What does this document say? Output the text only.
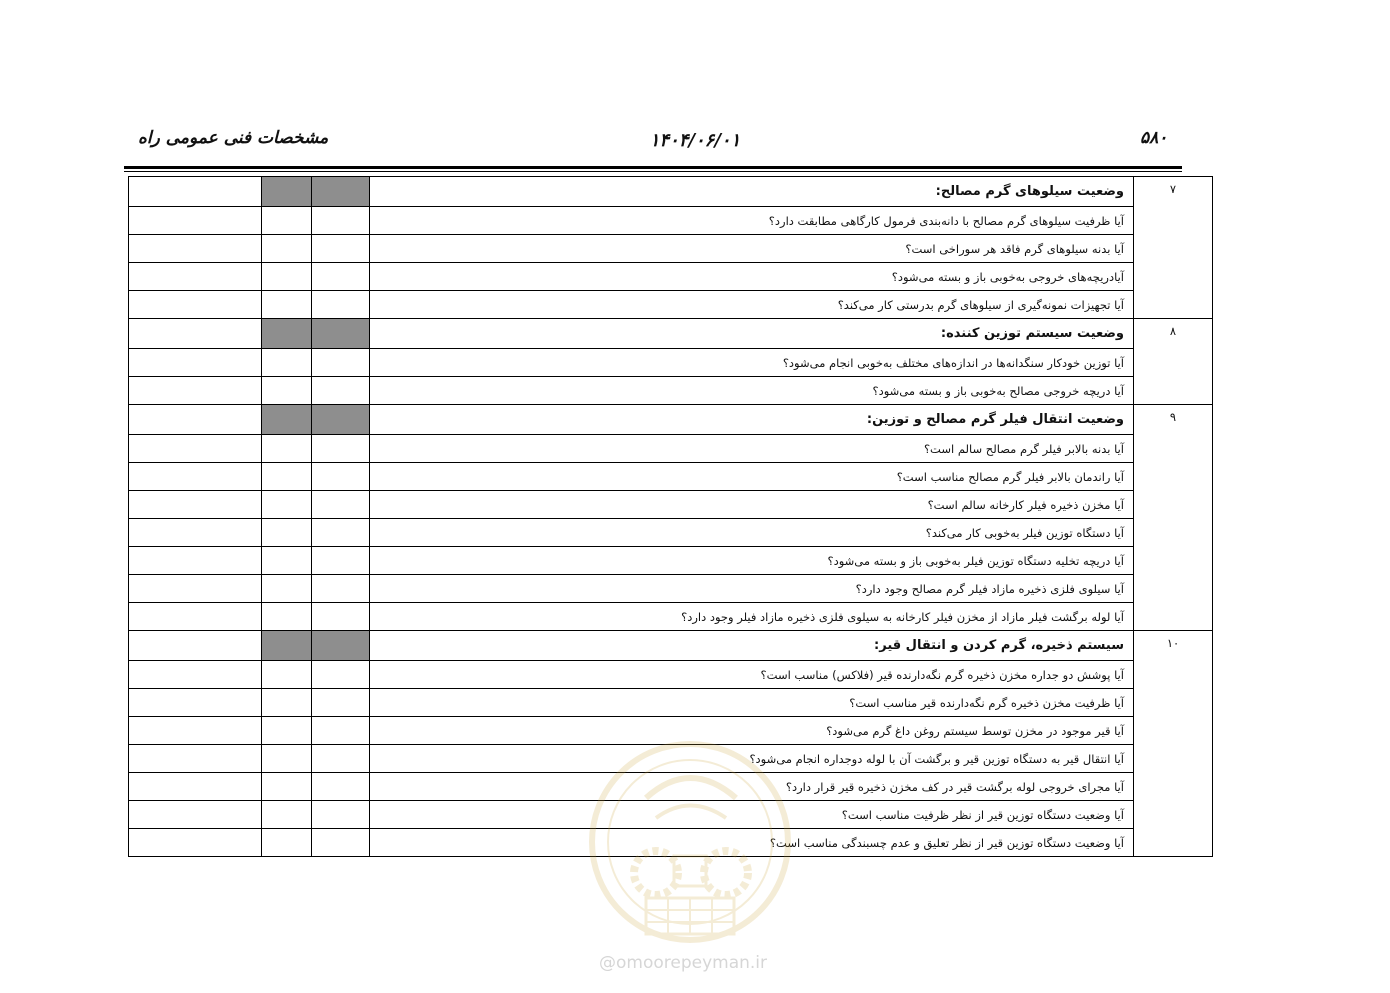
مشخصات فنی عمومی راه	۱۴۰۴/۰۶/۰۱	۵۸۰
۷	وضعیت سیلوهای گرم مصالح:			
	آیا ظرفیت سیلوهای گرم مصالح با دانه‌بندی فرمول کارگاهی مطابقت دارد؟			
	آیا بدنه سیلوهای گرم فاقد هر سوراخی است؟			
	آیادریچه‌های خروجی به‌خوبی باز و بسته می‌شود؟			
	آیا تجهیزات نمونه‌گیری از سیلوهای گرم بدرستی کار می‌کند؟			
۸	وضعیت سیستم توزین کننده:			
	آیا توزین خودکار سنگدانه‌ها در اندازه‌های مختلف به‌خوبی انجام می‌شود؟			
	آیا دریچه خروجی مصالح به‌خوبی باز و بسته می‌شود؟			
۹	وضعیت انتقال فیلر گرم مصالح و توزین:			
	آیا بدنه بالابر فیلر گرم مصالح سالم است؟			
	آیا راندمان بالابر فیلر گرم مصالح مناسب است؟			
	آیا مخزن ذخیره فیلر کارخانه سالم است؟			
	آیا دستگاه توزین فیلر به‌خوبی کار می‌کند؟			
	آیا دریچه تخلیه دستگاه توزین فیلر به‌خوبی باز و بسته می‌شود؟			
	آیا سیلوی فلزی ذخیره مازاد فیلر گرم مصالح وجود دارد؟			
	آیا لوله برگشت فیلر مازاد از مخزن فیلر کارخانه به سیلوی فلزی ذخیره مازاد فیلر وجود دارد؟			
۱۰	سیستم ذخیره، گرم کردن و انتقال قیر:			
	آیا پوشش دو جداره مخزن ذخیره گرم نگه‌دارنده قیر (فلاکس) مناسب است؟			
	آیا ظرفیت مخزن ذخیره گرم نگه‌دارنده قیر مناسب است؟			
	آیا قیر موجود در مخزن توسط سیستم روغن داغ گرم می‌شود؟			
	آیا انتقال قیر به دستگاه توزین قیر و برگشت آن با لوله دوجداره انجام می‌شود؟			
	آیا مجرای خروجی لوله برگشت قیر در کف مخزن ذخیره قیر قرار دارد؟			
	آیا وضعیت دستگاه توزین قیر از نظر ظرفیت مناسب است؟			
	آیا وضعیت دستگاه توزین قیر از نظر تعلیق و عدم چسبندگی مناسب است؟			
@omoorepeyman.ir
